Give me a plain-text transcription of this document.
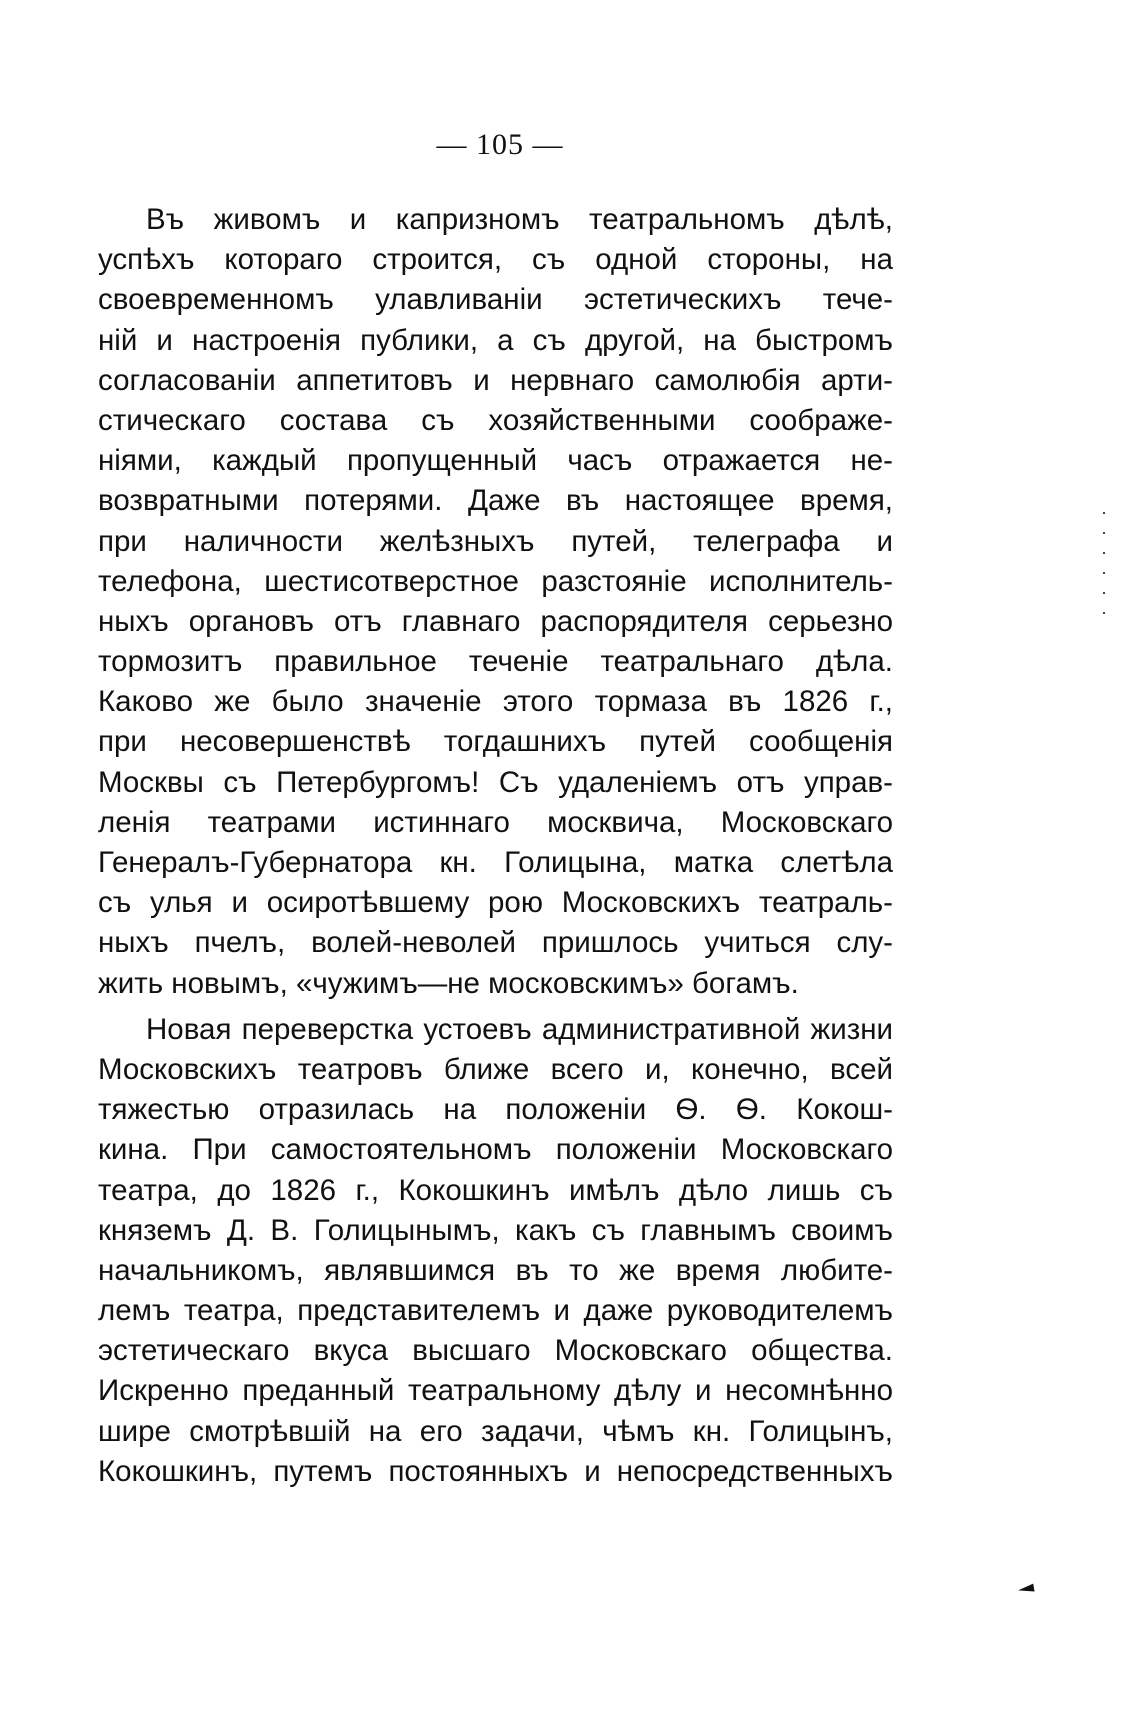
— 105 —
Въ живомъ и капризномъ театральномъ дѣлѣ,
успѣхъ котораго строится, съ одной стороны, на
своевременномъ улавливанiи эстетическихъ тече-
нiй и настроенiя публики, а съ другой, на быстромъ
согласованiи аппетитовъ и нервнаго самолюбiя арти-
стическаго состава съ хозяйственными соображе-
нiями, каждый пропущенный часъ отражается не-
возвратными потерями. Даже въ настоящее время,
при наличности желѣзныхъ путей, телеграфа и
телефона, шестисотверстное разстоянiе исполнитель-
ныхъ органовъ отъ главнаго распорядителя серьезно
тормозитъ правильное теченiе театральнаго дѣла.
Каково же было значенiе этого тормаза въ 1826 г.,
при несовершенствѣ тогдашнихъ путей сообщенiя
Москвы съ Петербургомъ! Съ удаленiемъ отъ управ-
ленiя театрами истиннаго москвича, Московскаго
Генералъ-Губернатора кн. Голицына, матка слетѣла
съ улья и осиротѣвшему рою Московскихъ театраль-
ныхъ пчелъ, волей-неволей пришлось учиться слу-
жить новымъ, «чужимъ—не московскимъ» богамъ.
Новая переверстка устоевъ административной жизни
Московскихъ театровъ ближе всего и, конечно, всей
тяжестью отразилась на положенiи Ѳ. Ѳ. Кокош-
кина. При самостоятельномъ положенiи Московскаго
театра, до 1826 г., Кокошкинъ имѣлъ дѣло лишь съ
княземъ Д. В. Голицынымъ, какъ съ главнымъ своимъ
начальникомъ, являвшимся въ то же время любите-
лемъ театра, представителемъ и даже руководителемъ
эстетическаго вкуса высшаго Московскаго общества.
Искренно преданный театральному дѣлу и несомнѣнно
шире смотрѣвшiй на его задачи, чѣмъ кн. Голицынъ,
Кокошкинъ, путемъ постоянныхъ и непосредственныхъ
